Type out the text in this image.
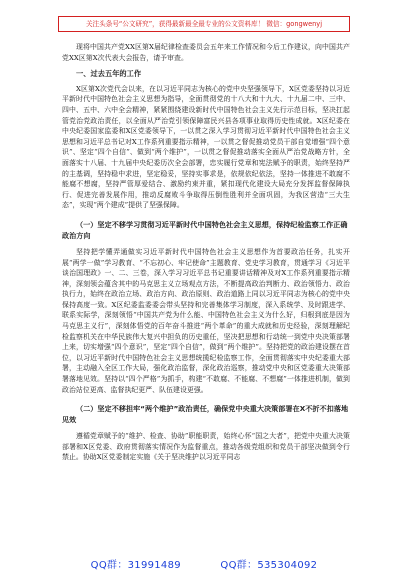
关注头条号“公文研究”，获得最新最全最专业的公文资料库！ 微信：gongwenyj

现将中国共产党XX区第X届纪律检查委员会五年来工作情况和今后工作建议，向中国共产党XX区第X次代表大会报告，请予审查。

一、过去五年的工作

X区第X次党代会以来，在以习近平同志为核心的党中央坚强领导下，X区党委坚持以习近平新时代中国特色社会主义思想为指导，全面贯彻党的十八大和十九大、十九届二中、三中、四中、五中、六中全会精神，紧紧围绕建设新时代中国特色社会主义先行示范目标，坚决扛起管党治党政治责任，以全面从严治党引领保障富民兴县各项事业取得历史性成就。X区纪委在中央纪委国家监委和X区党委领导下，一以贯之深入学习贯彻习近平新时代中国特色社会主义思想和习近平总书记对X工作系列重要指示精神，一以贯之督促推动党员干部自觉增强“四个意识”、坚定“四个自信”、做到“两个维护”，一以贯之督促推动落实全面从严治党战略方针，全面落实十八届、十九届中央纪委历次全会部署，忠实履行党章和宪法赋予的职责，始终坚持严的主基调，坚持稳中求进，坚定稳妥，坚持实事求是，依规依纪依法，坚持一体推进不敢腐不能腐不想腐，坚持严管厚爱结合、激励约束并重，紧扣现代化建设大局充分发挥监督保障执行、促进完善发展作用，推动反腐败斗争取得压倒性胜利并全面巩固，为我区营造“三大生态”，实现“两个建成”提供了坚强保障。

（一）坚定不移学习贯彻习近平新时代中国特色社会主义思想，保持纪检监察工作正确政治方向

坚持把学懂弄通做实习近平新时代中国特色社会主义思想作为首要政治任务，扎实开展“两学一做”学习教育、“不忘初心、牢记使命”主题教育、党史学习教育，贯通学习《习近平谈治国理政》一、二、三卷，深入学习习近平总书记重要讲话精神及对X工作系列重要指示精神，深刻领会蕴含其中的马克思主义立场观点方法，不断提高政治判断力、政治领悟力、政治执行力，始终在政治立场、政治方向、政治原则、政治道路上同以习近平同志为核心的党中央保持高度一致。X区纪委监委委会带头坚持和完善集体学习制度，深入系统学、及时跟进学、联系实际学，深刻领悟“中国共产党为什么能、中国特色社会主义为什么好，归根到底是因为马克思主义行”，深刻体悟党的百年奋斗推进“两个革命”的重大成就和历史经验，深刻理解纪检监察机关在中华民族伟大复兴中担负的历史重任，坚决把思想和行动统一到党中央决策部署上来，切实增强“四个意识”，坚定“四个自信”，做到“两个维护”。坚持把党的政治建设摆在首位，以习近平新时代中国特色社会主义思想统揽纪检监察工作，全面贯彻落实中央纪委重大部署，主动融入全区工作大局，强化政治监督，深化政治巡察，推动党中央和区党委重大决策部署落地见效。坚持以“四个严格”为抓手，构建“不敢腐、不能腐、不想腐”一体推进机制，做到政治站位更高、监督执纪更严、队伍建设更强。

（二）坚定不移担牢“两个维护”政治责任，确保党中央重大决策部署在X不折不扣落地见效

遵循党章赋予的“维护、检查、协助”职能职责，始终心怀“国之大者”，把党中央重大决策部署和X区党委、政府贯彻落实情况作为监督重点，推动各级党组织和党员干部坚决做到令行禁止。协助X区党委制定实施《关于坚决维护以习近平同志

QQ群：31991489	QQ群：535304092
